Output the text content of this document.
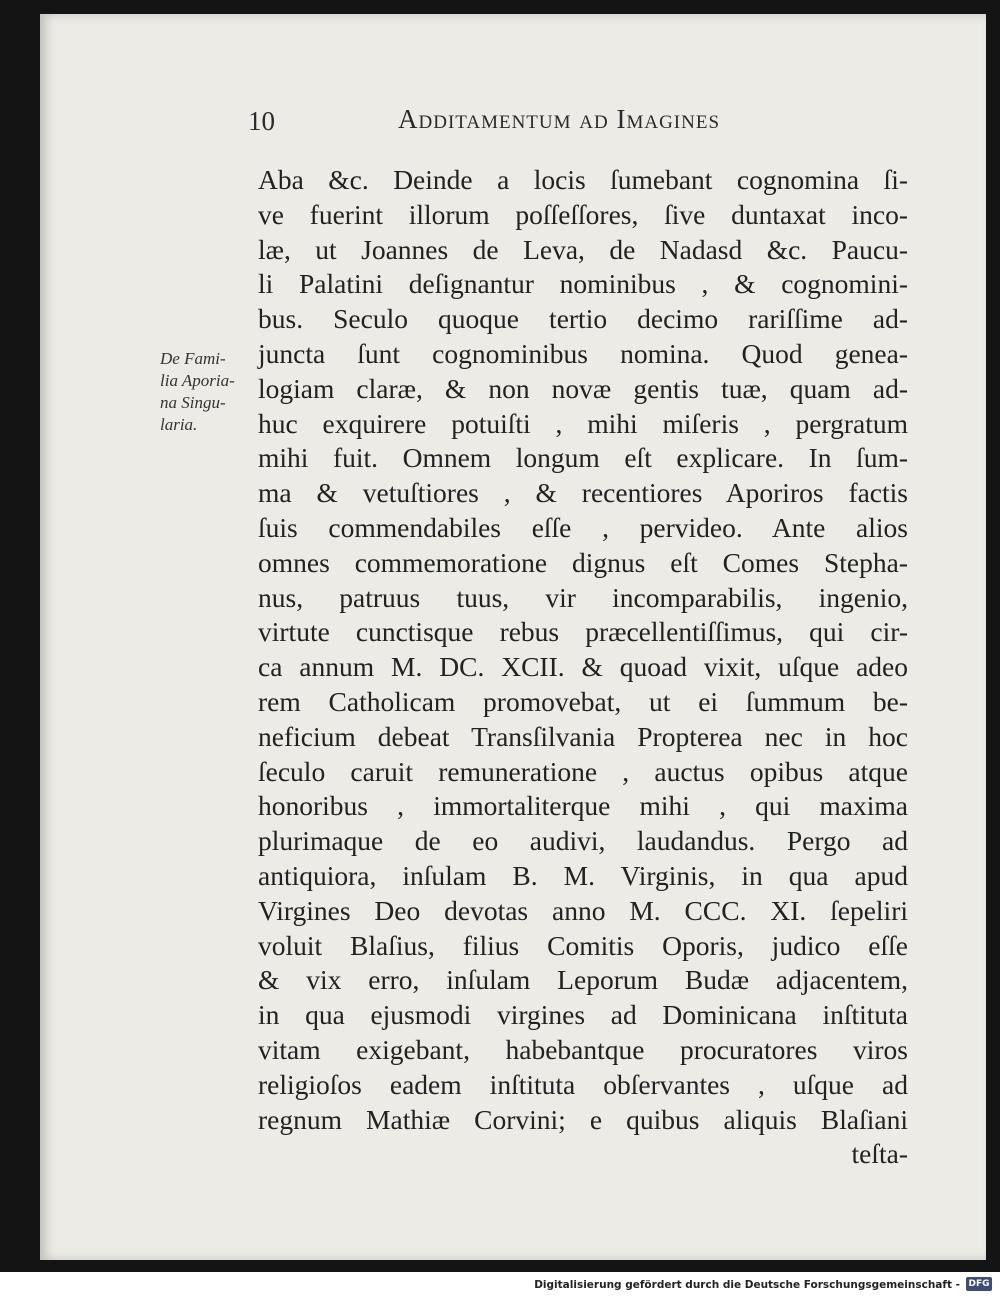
10	Additamentum ad Imagines
De Fami-
lia Aporia-
na Singu-
laria.
Aba &c. Deinde a locis ſumebant cognomina ſi-
ve fuerint illorum poſſeſſores, ſive duntaxat inco-
læ, ut Joannes de Leva, de Nadasd &c. Paucu-
li Palatini deſignantur nominibus , & cognomini-
bus. Seculo quoque tertio decimo rariſſime ad-
juncta ſunt cognominibus nomina. Quod genea-
logiam claræ, & non novæ gentis tuæ, quam ad-
huc exquirere potuiſti , mihi miſeris , pergratum
mihi fuit. Omnem longum eſt explicare. In ſum-
ma & vetuſtiores , & recentiores Aporiros factis
ſuis commendabiles eſſe , pervideo. Ante alios
omnes commemoratione dignus eſt Comes Stepha-
nus, patruus tuus, vir incomparabilis, ingenio,
virtute cunctisque rebus præcellentiſſimus, qui cir-
ca annum M. DC. XCII. & quoad vixit, uſque adeo
rem Catholicam promovebat, ut ei ſummum be-
neficium debeat Transſilvania Propterea nec in hoc
ſeculo caruit remuneratione , auctus opibus atque
honoribus , immortaliterque mihi , qui maxima
plurimaque de eo audivi, laudandus. Pergo ad
antiquiora, inſulam B. M. Virginis, in qua apud
Virgines Deo devotas anno M. CCC. XI. ſepeliri
voluit Blaſius, filius Comitis Oporis, judico eſſe
& vix erro, inſulam Leporum Budæ adjacentem,
in qua ejusmodi virgines ad Dominicana inſtituta
vitam exigebant, habebantque procuratores viros
religioſos eadem inſtituta obſervantes , uſque ad
regnum Mathiæ Corvini; e quibus aliquis Blaſiani
teſta-
Digitalisierung gefördert durch die Deutsche Forschungsgemeinschaft - DFG
